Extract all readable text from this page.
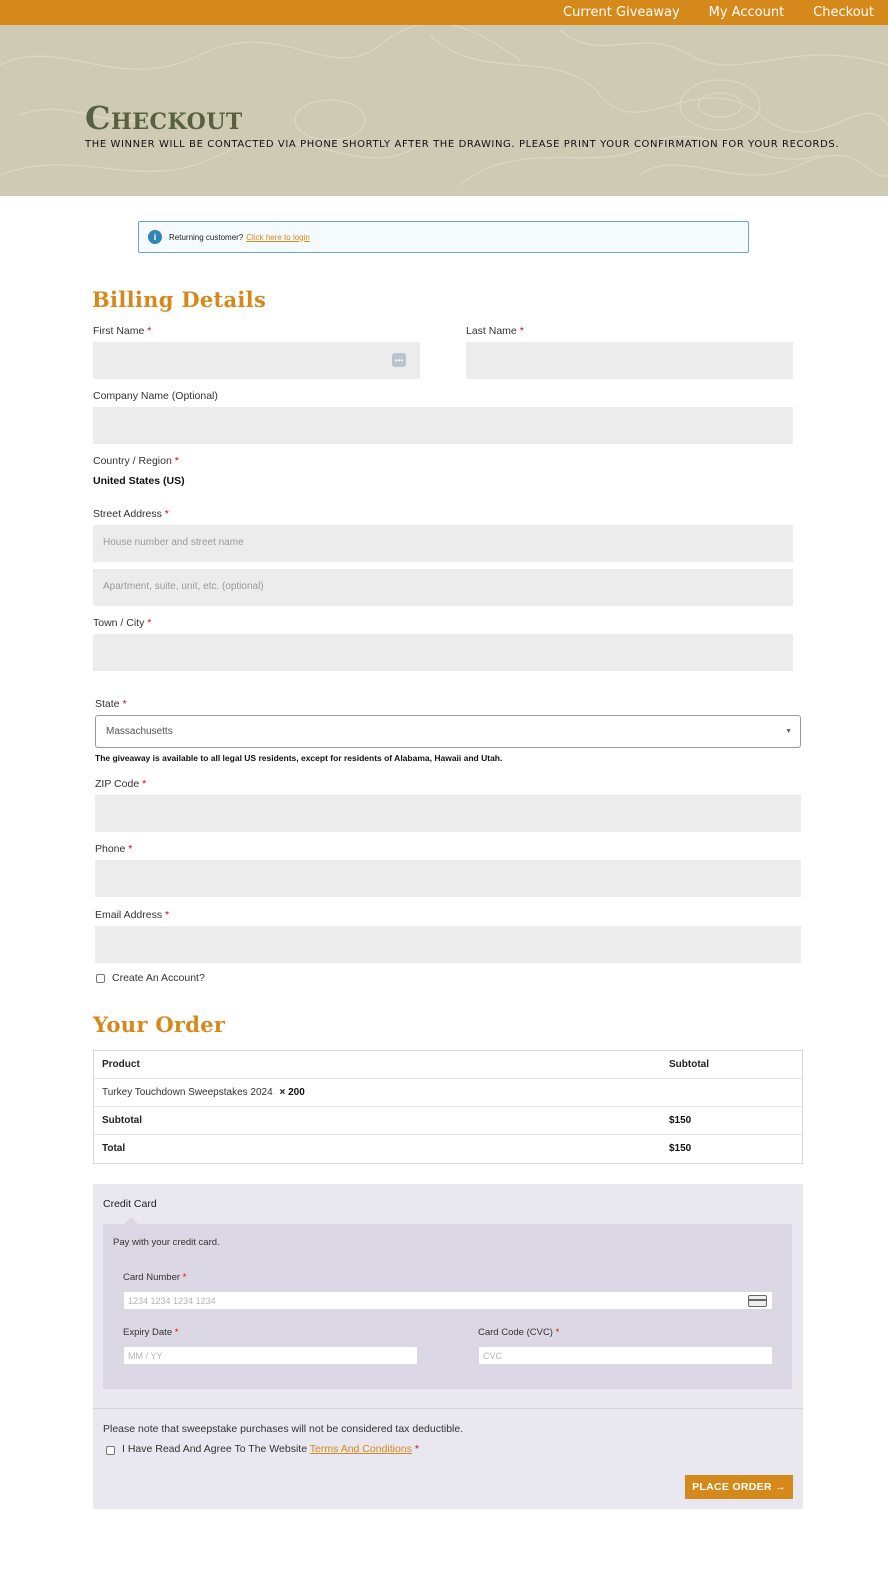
Current Giveaway My Account Checkout
Checkout
THE WINNER WILL BE CONTACTED VIA PHONE SHORTLY AFTER THE DRAWING. PLEASE PRINT YOUR CONFIRMATION FOR YOUR RECORDS.
i	Returning customer? Click here to login
Billing Details
First Name *
•••
Last Name *
Company Name (Optional)
Country / Region *
United States (US)
Street Address *
House number and street name
Apartment, suite, unit, etc. (optional)
Town / City *
State *
Massachusetts	▼
The giveaway is available to all legal US residents, except for residents of Alabama, Hawaii and Utah.
ZIP Code *
Phone *
Email Address *
Create An Account?
Your Order
Product	Subtotal
Turkey Touchdown Sweepstakes 2024 × 200
Subtotal	$150
Total	$150
Credit Card
Pay with your credit card.
Card Number *
1234 1234 1234 1234
Expiry Date *
MM / YY
Card Code (CVC) *
CVC
Please note that sweepstake purchases will not be considered tax deductible.
I Have Read And Agree To The Website Terms And Conditions *
PLACE ORDER →
